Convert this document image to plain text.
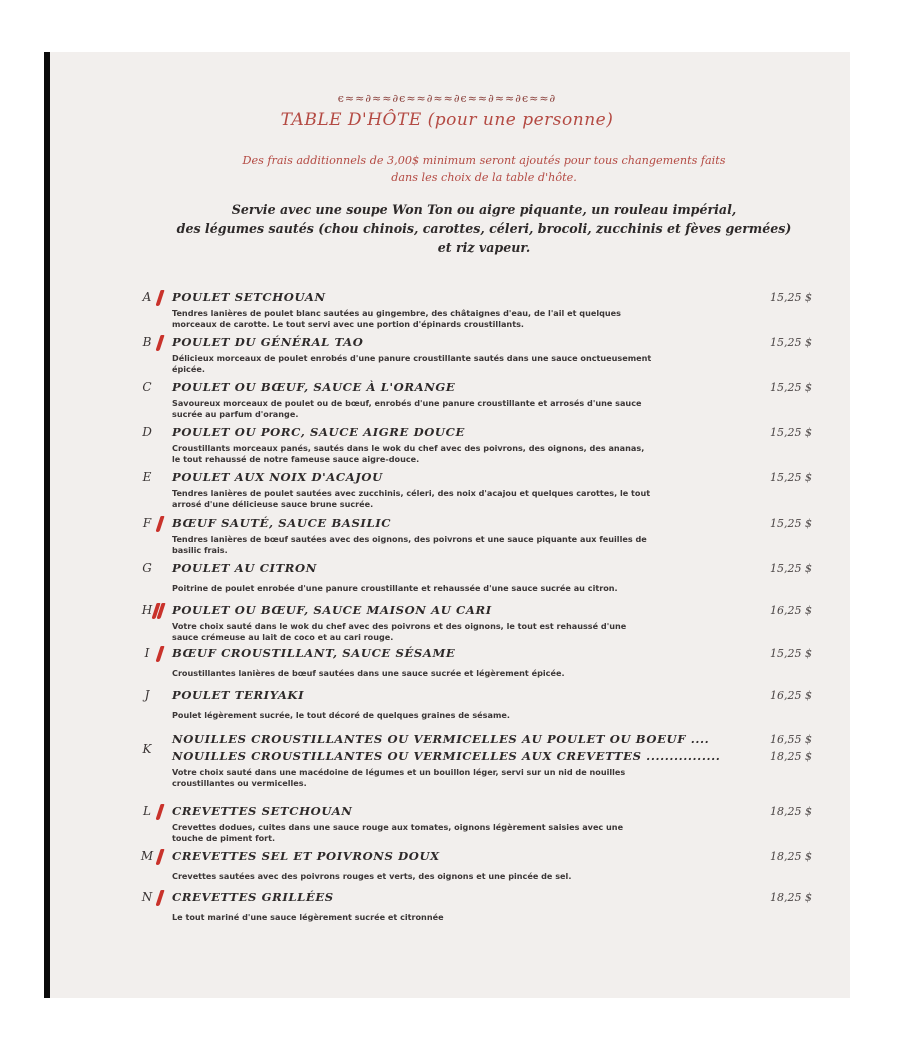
ϵ≈≈∂≈≈∂ϵ≈≈∂≈≈∂ϵ≈≈∂≈≈∂ϵ≈≈∂
TABLE D'HÔTE (pour une personne)
Des frais additionnels de 3,00$ minimum seront ajoutés pour tous changements faits
dans les choix de la table d'hôte.
Servie avec une soupe Won Ton ou aigre piquante, un rouleau impérial,
des légumes sautés (chou chinois, carottes, céleri, brocoli, zucchinis et fèves germées)
et riz vapeur.
A	POULET SETCHOUAN	15,25 $
Tendres lanières de poulet blanc sautées au gingembre, des châtaignes d'eau, de l'ail et quelques
morceaux de carotte. Le tout servi avec une portion d'épinards croustillants.
B	POULET DU GÉNÉRAL TAO	15,25 $
Délicieux morceaux de poulet enrobés d'une panure croustillante sautés dans une sauce onctueusement
épicée.
C	POULET OU BŒUF, SAUCE À L'ORANGE	15,25 $
Savoureux morceaux de poulet ou de bœuf, enrobés d'une panure croustillante et arrosés d'une sauce
sucrée au parfum d'orange.
D	POULET OU PORC, SAUCE AIGRE DOUCE	15,25 $
Croustillants morceaux panés, sautés dans le wok du chef avec des poivrons, des oignons, des ananas,
le tout rehaussé de notre fameuse sauce aigre-douce.
E	POULET AUX NOIX D'ACAJOU	15,25 $
Tendres lanières de poulet sautées avec zucchinis, céleri, des noix d'acajou et quelques carottes, le tout
arrosé d'une délicieuse sauce brune sucrée.
F	BŒUF SAUTÉ, SAUCE BASILIC	15,25 $
Tendres lanières de bœuf sautées avec des oignons, des poivrons et une sauce piquante aux feuilles de
basilic frais.
G	POULET AU CITRON	15,25 $
Poitrine de poulet enrobée d'une panure croustillante et rehaussée d'une sauce sucrée au citron.
H	POULET OU BŒUF, SAUCE MAISON AU CARI	16,25 $
Votre choix sauté dans le wok du chef avec des poivrons et des oignons, le tout est rehaussé d'une
sauce crémeuse au lait de coco et au cari rouge.
I	BŒUF CROUSTILLANT, SAUCE SÉSAME	15,25 $
Croustillantes lanières de bœuf sautées dans une sauce sucrée et légèrement épicée.
J	POULET TERIYAKI	16,25 $
Poulet légèrement sucrée, le tout décoré de quelques graines de sésame.
K
NOUILLES CROUSTILLANTES OU VERMICELLES AU POULET OU BOEUF ....	16,55 $
NOUILLES CROUSTILLANTES OU VERMICELLES AUX CREVETTES ................	18,25 $
Votre choix sauté dans une macédoine de légumes et un bouillon léger, servi sur un nid de nouilles
croustillantes ou vermicelles.
L	CREVETTES SETCHOUAN	18,25 $
Crevettes dodues, cuites dans une sauce rouge aux tomates, oignons légèrement saisies avec une
touche de piment fort.
M	CREVETTES SEL ET POIVRONS DOUX	18,25 $
Crevettes sautées avec des poivrons rouges et verts, des oignons et une pincée de sel.
N	CREVETTES GRILLÉES	18,25 $
Le tout mariné d'une sauce légèrement sucrée et citronnée
